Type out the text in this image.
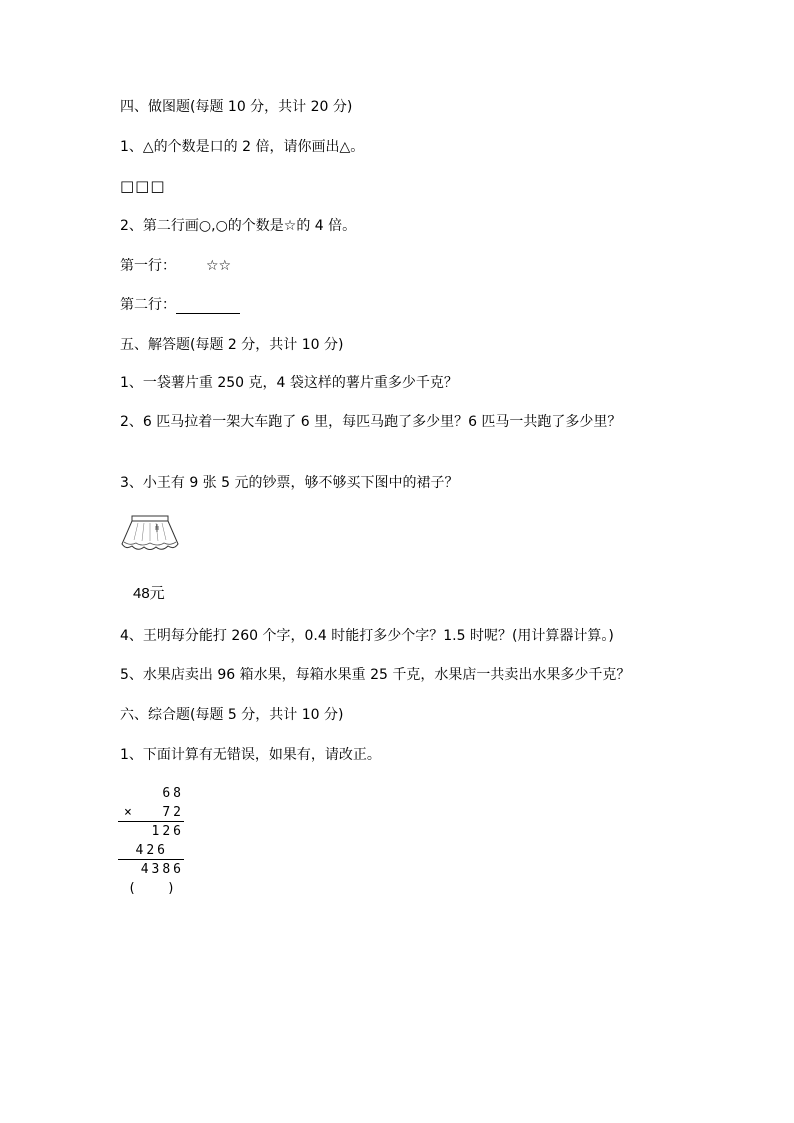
四、做图题(每题 10 分，共计 20 分)
1、△的个数是口的 2 倍，请你画出△。
□□□
2、第二行画○,○的个数是☆的 4 倍。
第一行： ☆☆
第二行：
五、解答题(每题 2 分，共计 10 分)
1、一袋薯片重 250 克，4 袋这样的薯片重多少千克？
2、6 匹马拉着一架大车跑了 6 里，每匹马跑了多少里？6 匹马一共跑了多少里？
3、小王有 9 张 5 元的钞票，够不够买下图中的裙子？
48元
4、王明每分能打 260 个字，0.4 时能打多少个字？1.5 时呢？(用计算器计算。)
5、水果店卖出 96 箱水果，每箱水果重 25 千克，水果店一共卖出水果多少千克？
六、综合题(每题 5 分，共计 10 分)
1、下面计算有无错误，如果有，请改正。
68
× 72
126
426
4386
(    )
